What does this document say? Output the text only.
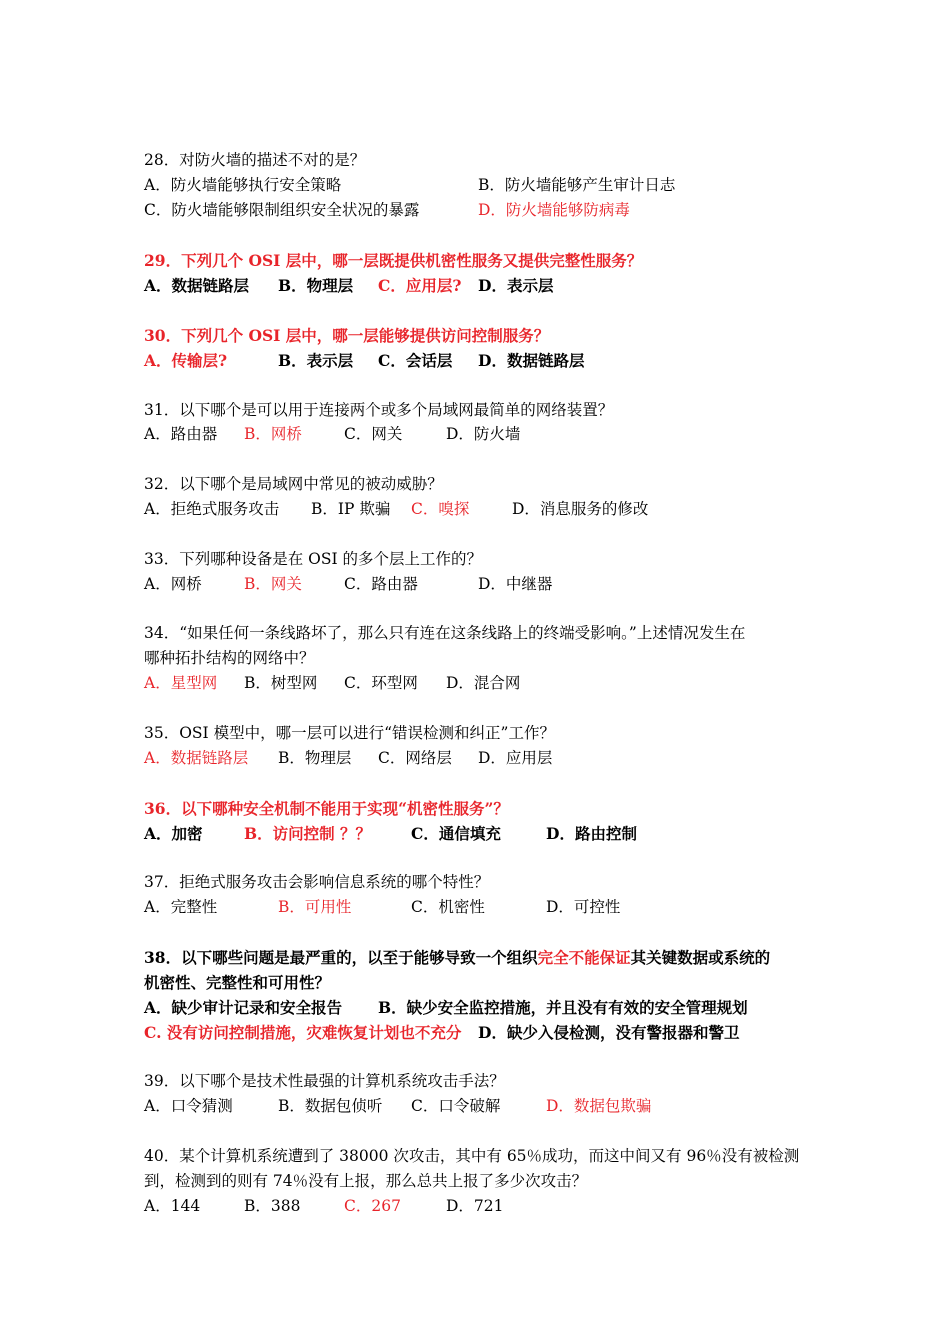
28．对防火墙的描述不对的是？
A．防火墙能够执行安全策略	B．防火墙能够产生审计日志
C．防火墙能够限制组织安全状况的暴露	D．防火墙能够防病毒
29．下列几个 OSI 层中，哪一层既提供机密性服务又提供完整性服务？
A．数据链路层 B．物理层 C．应用层? D．表示层
30．下列几个 OSI 层中，哪一层能够提供访问控制服务？
A．传输层?	B．表示层 C．会话层 D．数据链路层
31．以下哪个是可以用于连接两个或多个局域网最简单的网络装置？
A．路由器 B．网桥	C．网关	D．防火墙
32．以下哪个是局域网中常见的被动威胁？
A．拒绝式服务攻击 B．IP 欺骗 C．嗅探	D．消息服务的修改
33．下列哪种设备是在 OSI 的多个层上工作的？
A．网桥	B．网关	C．路由器	D．中继器
34．“如果任何一条线路坏了，那么只有连在这条线路上的终端受影响。”上述情况发生在
哪种拓扑结构的网络中？
A．星型网 B．树型网 C．环型网 D．混合网
35．OSI 模型中，哪一层可以进行“错误检测和纠正”工作？
A．数据链路层 B．物理层 C．网络层 D．应用层
36．以下哪种安全机制不能用于实现“机密性服务”？
A．加密	B．访问控制 ？？	C．通信填充	D．路由控制
37．拒绝式服务攻击会影响信息系统的哪个特性？
A．完整性	B．可用性	C．机密性	D．可控性
38．以下哪些问题是最严重的，以至于能够导致一个组织完全不能保证其关键数据或系统的
机密性、完整性和可用性？
A．缺少审计记录和安全报告 B．缺少安全监控措施，并且没有有效的安全管理规划
C. 没有访问控制措施，灾难恢复计划也不充分 D．缺少入侵检测，没有警报器和警卫
39．以下哪个是技术性最强的计算机系统攻击手法？
A．口令猜测	B．数据包侦听 C．口令破解	D．数据包欺骗
40．某个计算机系统遭到了 38000 次攻击，其中有 65％成功，而这中间又有 96％没有被检测
到，检测到的则有 74％没有上报，那么总共上报了多少次攻击？
A．144	B．388	C．267	D．721
